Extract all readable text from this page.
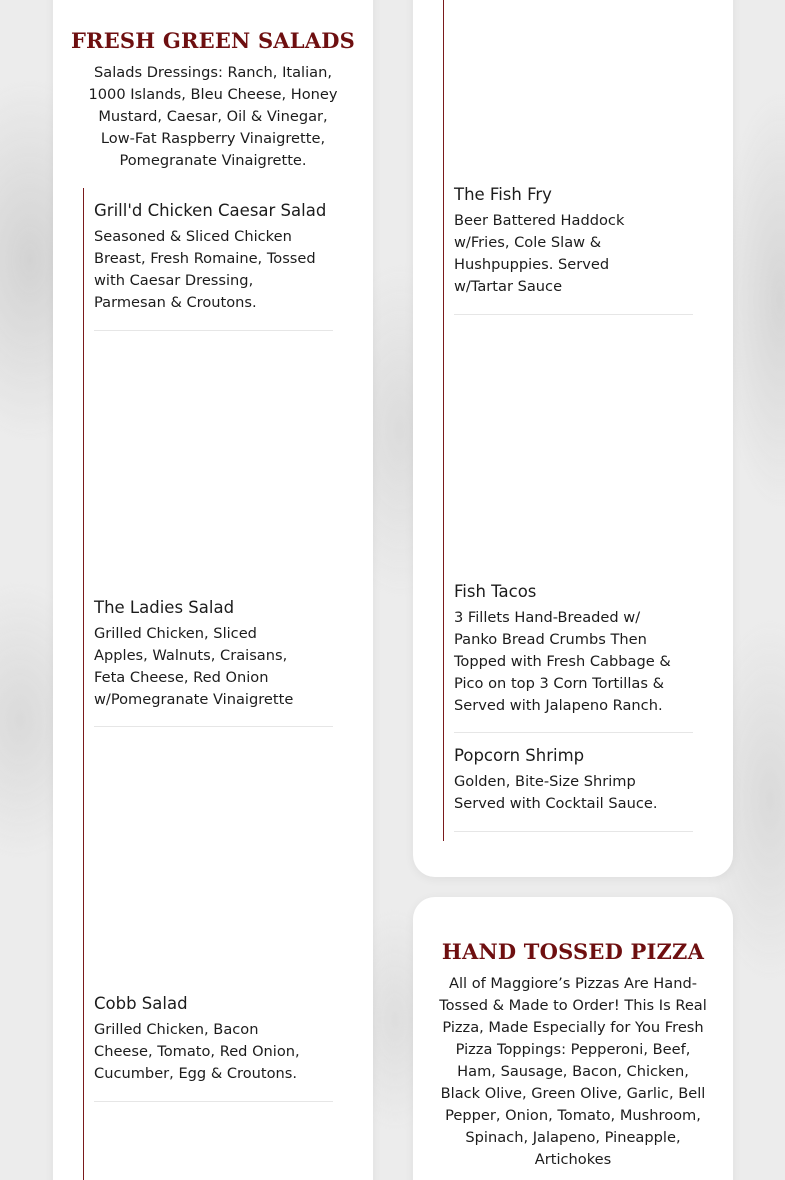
FRESH GREEN SALADS
Salads Dressings: Ranch, Italian, 1000 Islands, Bleu Cheese, Honey Mustard, Caesar, Oil & Vinegar, Low-Fat Raspberry Vinaigrette, Pomegranate Vinaigrette.
Grill'd Chicken Caesar Salad
Seasoned & Sliced Chicken Breast, Fresh Romaine, Tossed with Caesar Dressing, Parmesan & Croutons.
The Ladies Salad
Grilled Chicken, Sliced Apples, Walnuts, Craisans, Feta Cheese, Red Onion w/Pomegranate Vinaigrette
Cobb Salad
Grilled Chicken, Bacon Cheese, Tomato, Red Onion, Cucumber, Egg & Croutons.
The Fish Fry
Beer Battered Haddock w/Fries, Cole Slaw & Hushpuppies. Served w/Tartar Sauce
Fish Tacos
3 Fillets Hand-Breaded w/ Panko Bread Crumbs Then Topped with Fresh Cabbage & Pico on top 3 Corn Tortillas & Served with Jalapeno Ranch.
Popcorn Shrimp
Golden, Bite-Size Shrimp Served with Cocktail Sauce.
HAND TOSSED PIZZA
All of Maggiore’s Pizzas Are Hand-Tossed & Made to Order! This Is Real Pizza, Made Especially for You Fresh Pizza Toppings: Pepperoni, Beef, Ham, Sausage, Bacon, Chicken, Black Olive, Green Olive, Garlic, Bell Pepper, Onion, Tomato, Mushroom, Spinach, Jalapeno, Pineapple, Artichokes
